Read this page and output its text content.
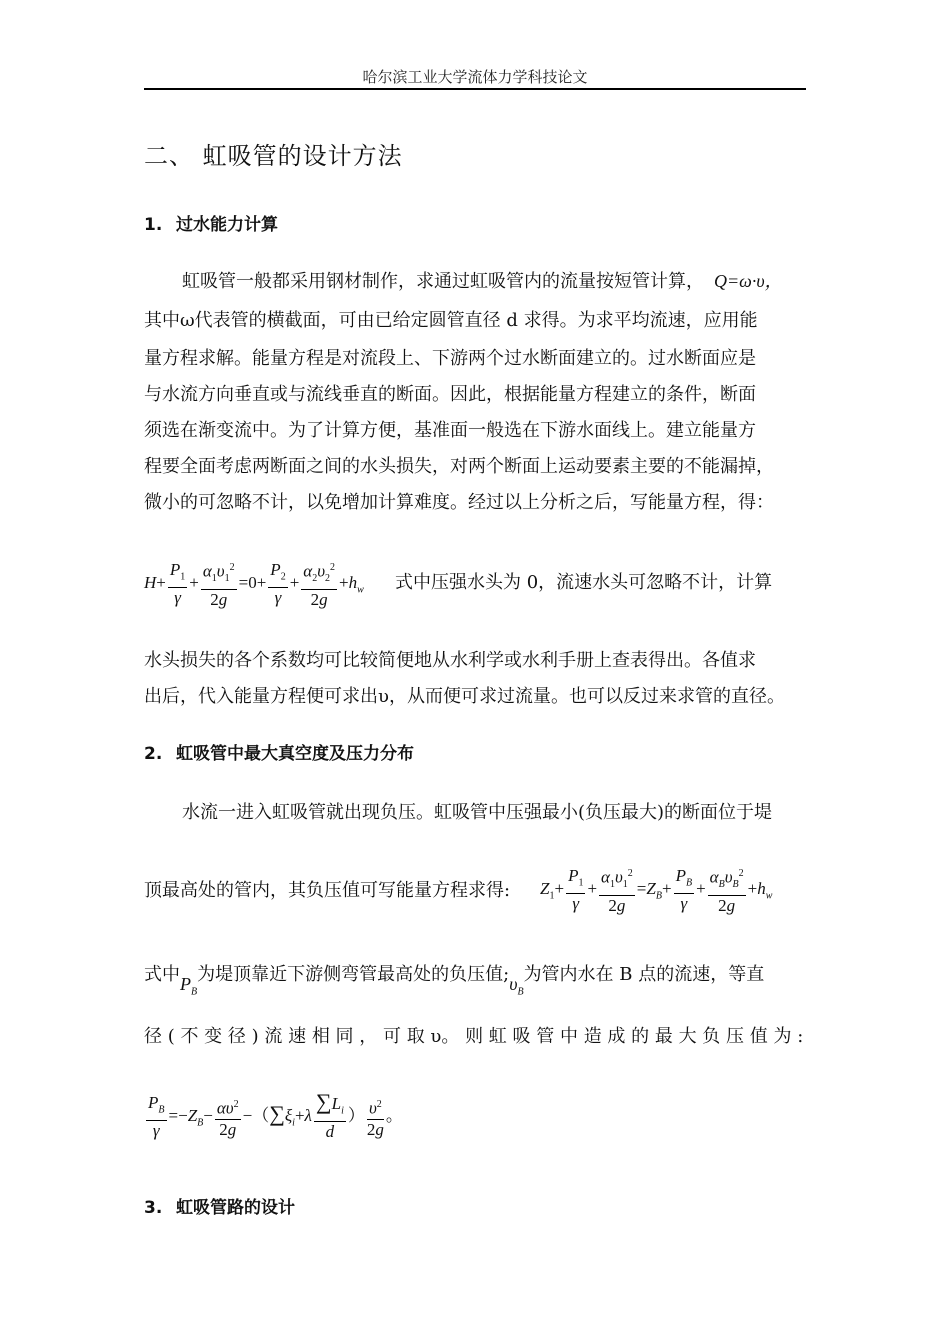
哈尔滨工业大学流体力学科技论文
二、 虹吸管的设计方法
1. 过水能力计算
虹吸管一般都采用钢材制作，求通过虹吸管内的流量按短管计算， Q=ω·υ，
其中ω代表管的横截面，可由已给定圆管直径 d 求得。为求平均流速，应用能
量方程求解。能量方程是对流段上、下游两个过水断面建立的。过水断面应是
与水流方向垂直或与流线垂直的断面。因此，根据能量方程建立的条件，断面
须选在渐变流中。为了计算方便，基准面一般选在下游水面线上。建立能量方
程要全面考虑两断面之间的水头损失，对两个断面上运动要素主要的不能漏掉，
微小的可忽略不计，以免增加计算难度。经过以上分析之后，写能量方程，得：
$H+ \frac{P_1}{\gamma} + \frac{\alpha_1\upsilon_1^2}{2g} =0+ \frac{P_2}{\gamma} + \frac{\alpha_2\upsilon_2^2}{2g} +h_w$ 式中压强水头为 0，流速水头可忽略不计，计算
水头损失的各个系数均可比较简便地从水利学或水利手册上查表得出。各值求
出后，代入能量方程便可求出υ，从而便可求过流量。也可以反过来求管的直径。
2. 虹吸管中最大真空度及压力分布
水流一进入虹吸管就出现负压。虹吸管中压强最小(负压最大)的断面位于堤
顶最高处的管内，其负压值可写能量方程求得: $Z_1+ \frac{P_1}{\gamma} + \frac{\alpha_1\upsilon_1^2}{2g} =Z_B+ \frac{P_B}{\gamma} + \frac{\alpha_B\upsilon_B^2}{2g} +h_w$
式中$P_B$为堤顶靠近下游侧弯管最高处的负压值$;\upsilon_B$为管内水在 B 点的流速，等直
径 ( 不 变 径 ) 流 速 相 同 ， 可 取 υ。 则 虹 吸 管 中 造 成 的 最 大 负 压 值 为 :
$\frac{P_B}{\gamma} =-Z_B- \frac{\alpha\upsilon^2}{2g} -(\sum\xi_i+\lambda \frac{\sum L_i}{d}$ ） $\frac{\upsilon^2}{2g}$ 。
3. 虹吸管路的设计
